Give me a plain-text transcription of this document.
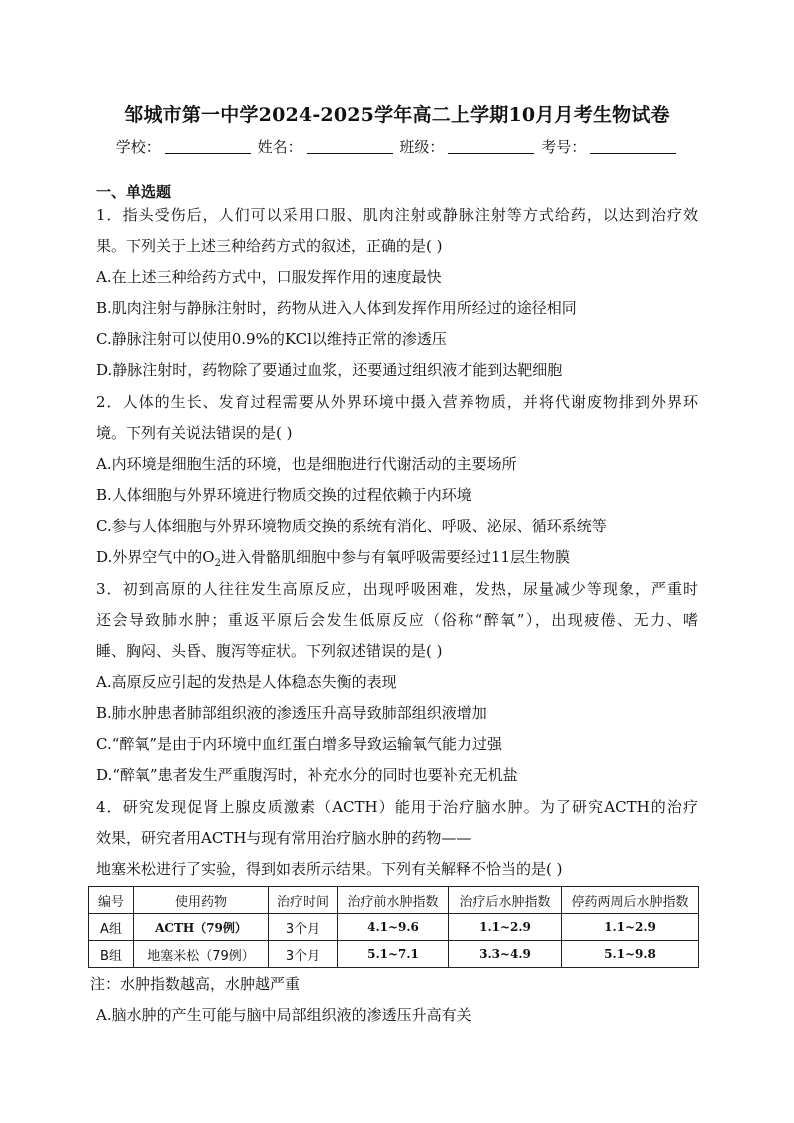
邹城市第一中学2024-2025学年高二上学期10月月考生物试卷
学校：	姓名：	班级：	考号：
一、单选题
1．指头受伤后，人们可以采用口服、肌肉注射或静脉注射等方式给药，以达到治疗效
果。下列关于上述三种给药方式的叙述，正确的是( )
A.在上述三种给药方式中，口服发挥作用的速度最快
B.肌肉注射与静脉注射时，药物从进入人体到发挥作用所经过的途径相同
C.静脉注射可以使用0.9%的KCl以维持正常的渗透压
D.静脉注射时，药物除了要通过血浆，还要通过组织液才能到达靶细胞
2．人体的生长、发育过程需要从外界环境中摄入营养物质，并将代谢废物排到外界环
境。下列有关说法错误的是( )
A.内环境是细胞生活的环境，也是细胞进行代谢活动的主要场所
B.人体细胞与外界环境进行物质交换的过程依赖于内环境
C.参与人体细胞与外界环境物质交换的系统有消化、呼吸、泌尿、循环系统等
D.外界空气中的$O_2$进入骨骼肌细胞中参与有氧呼吸需要经过11层生物膜
3．初到高原的人往往发生高原反应，出现呼吸困难，发热，尿量减少等现象，严重时
还会导致肺水肿；重返平原后会发生低原反应（俗称“醉氧”），出现疲倦、无力、嗜
睡、胸闷、头昏、腹泻等症状。下列叙述错误的是( )
A.高原反应引起的发热是人体稳态失衡的表现
B.肺水肿患者肺部组织液的渗透压升高导致肺部组织液增加
C.“醉氧”是由于内环境中血红蛋白增多导致运输氧气能力过强
D.“醉氧”患者发生严重腹泻时，补充水分的同时也要补充无机盐
4．研究发现促肾上腺皮质激素（ACTH）能用于治疗脑水肿。为了研究ACTH的治疗
效果，研究者用ACTH与现有常用治疗脑水肿的药物——
地塞米松进行了实验，得到如表所示结果。下列有关解释不恰当的是( )
编号	使用药物	治疗时间	治疗前水肿指数	治疗后水肿指数	停药两周后水肿指数
A组	ACTH（79例）	3个月	4.1~9.6	1.1~2.9	1.1~2.9
B组	地塞米松（79例）	3个月	5.1~7.1	3.3~4.9	5.1~9.8
注：水肿指数越高，水肿越严重
A.脑水肿的产生可能与脑中局部组织液的渗透压升高有关
